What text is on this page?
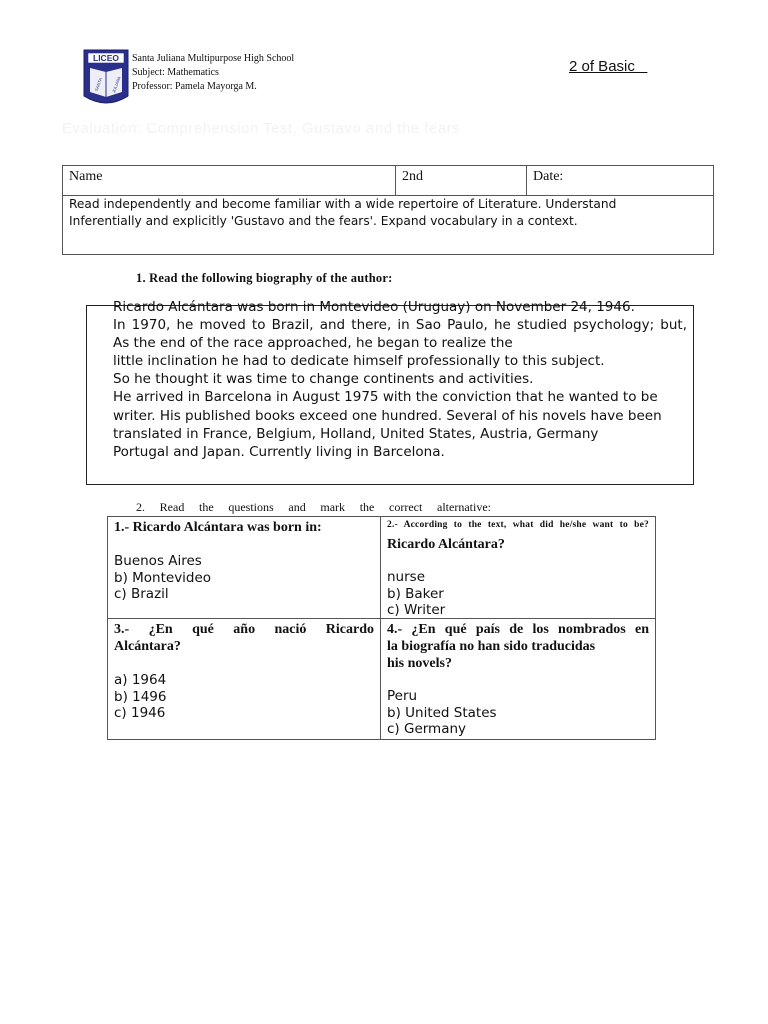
LICEO
SANTA JULIANA
Santa Juliana Multipurpose High School
Subject: Mathematics
Professor: Pamela Mayorga M.
2 of Basic
Evaluation: Comprehension Test, Gustavo and the fears
Name	2nd	Date:
Read independently and become familiar with a wide repertoire of Literature. Understand
Inferentially and explicitly 'Gustavo and the fears'. Expand vocabulary in a context.
1. Read the following biography of the author:
Ricardo Alcántara was born in Montevideo (Uruguay) on November 24, 1946.
In 1970, he moved to Brazil, and there, in Sao Paulo, he studied psychology; but,
As the end of the race approached, he began to realize the
little inclination he had to dedicate himself professionally to this subject.
So he thought it was time to change continents and activities.
He arrived in Barcelona in August 1975 with the conviction that he wanted to be
writer. His published books exceed one hundred. Several of his novels have been
translated in France, Belgium, Holland, United States, Austria, Germany
Portugal and Japan. Currently living in Barcelona.
2. Read the questions and mark the correct alternative:
1.- Ricardo Alcántara was born in:
Buenos Aires
b) Montevideo
c) Brazil
2.- According to the text, what did he/she want to be?
Ricardo Alcántara?
nurse
b) Baker
c) Writer
3.- ¿En qué año nació Ricardo
Alcántara?
a) 1964
b) 1496
c) 1946
4.- ¿En qué país de los nombrados en
la biografía no han sido traducidas
his novels?
Peru
b) United States
c) Germany
